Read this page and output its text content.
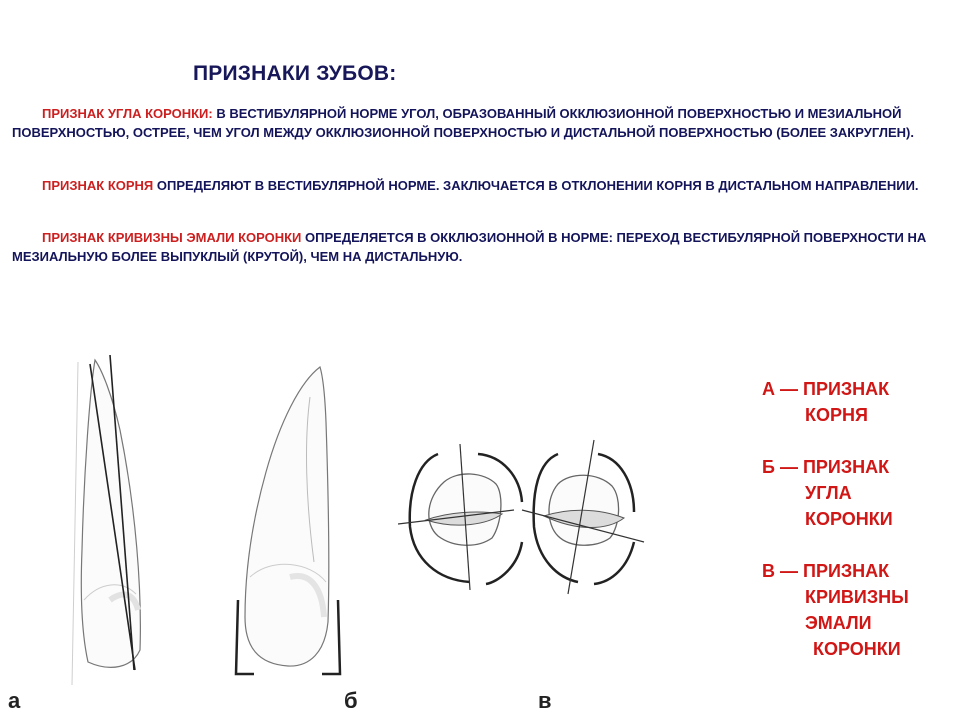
ПРИЗНАКИ ЗУБОВ:

ПРИЗНАК УГЛА КОРОНКИ: В ВЕСТИБУЛЯРНОЙ НОРМЕ УГОЛ, ОБРАЗОВАННЫЙ ОККЛЮЗИОННОЙ ПОВЕРХНОСТЬЮ И МЕЗИАЛЬНОЙ ПОВЕРХНОСТЬЮ, ОСТРЕЕ, ЧЕМ УГОЛ МЕЖДУ ОККЛЮЗИОННОЙ ПОВЕРХНОСТЬЮ И ДИСТАЛЬНОЙ ПОВЕРХНОСТЬЮ (БОЛЕЕ ЗАКРУГЛЕН).

ПРИЗНАК КОРНЯ ОПРЕДЕЛЯЮТ В ВЕСТИБУЛЯРНОЙ НОРМЕ. ЗАКЛЮЧАЕТСЯ В ОТКЛОНЕНИИ КОРНЯ В ДИСТАЛЬНОМ НАПРАВЛЕНИИ.

ПРИЗНАК КРИВИЗНЫ ЭМАЛИ КОРОНКИ ОПРЕДЕЛЯЕТСЯ В ОККЛЮЗИОННОЙ В НОРМЕ: ПЕРЕХОД ВЕСТИБУЛЯРНОЙ ПОВЕРХНОСТИ НА МЕЗИАЛЬНУЮ БОЛЕЕ ВЫПУКЛЫЙ (КРУТОЙ), ЧЕМ НА ДИСТАЛЬНУЮ.

А — ПРИЗНАК
КОРНЯ
Б — ПРИЗНАК
УГЛА
КОРОНКИ
В — ПРИЗНАК
КРИВИЗНЫ
ЭМАЛИ
КОРОНКИ
а	б	в
